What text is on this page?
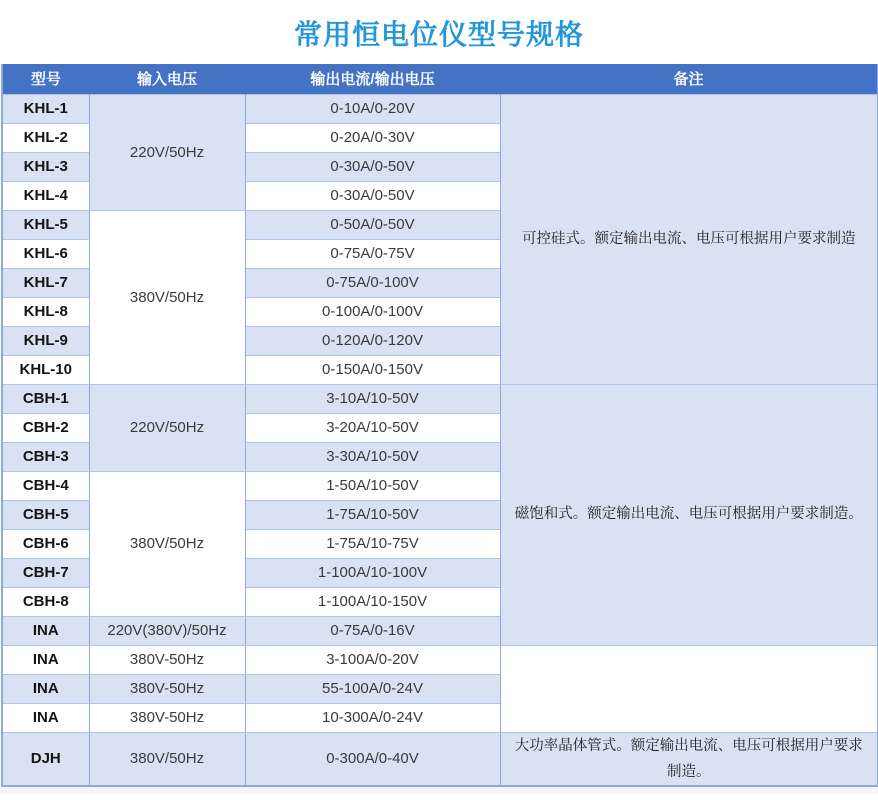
常用恒电位仪型号规格
型号	输入电压	输出电流/输出电压	备注
KHL-1	220V/50Hz	0-10A/0-20V	可控硅式。额定输出电流、电压可根据用户要求制造
KHL-2		0-20A/0-30V	
KHL-3		0-30A/0-50V	
KHL-4		0-30A/0-50V	
KHL-5	380V/50Hz	0-50A/0-50V	
KHL-6		0-75A/0-75V	
KHL-7		0-75A/0-100V	
KHL-8		0-100A/0-100V	
KHL-9		0-120A/0-120V	
KHL-10		0-150A/0-150V	
CBH-1	220V/50Hz	3-10A/10-50V	磁饱和式。额定输出电流、电压可根据用户要求制造。
CBH-2		3-20A/10-50V	
CBH-3		3-30A/10-50V	
CBH-4	380V/50Hz	1-50A/10-50V	
CBH-5		1-75A/10-50V	
CBH-6		1-75A/10-75V	
CBH-7		1-100A/10-100V	
CBH-8		1-100A/10-150V	
INA	220V(380V)/50Hz	0-75A/0-16V	
INA	380V-50Hz	3-100A/0-20V	
INA	380V-50Hz	55-100A/0-24V	
INA	380V-50Hz	10-300A/0-24V	
DJH	380V/50Hz	0-300A/0-40V	大功率晶体管式。额定输出电流、电压可根据用户要求制造。
